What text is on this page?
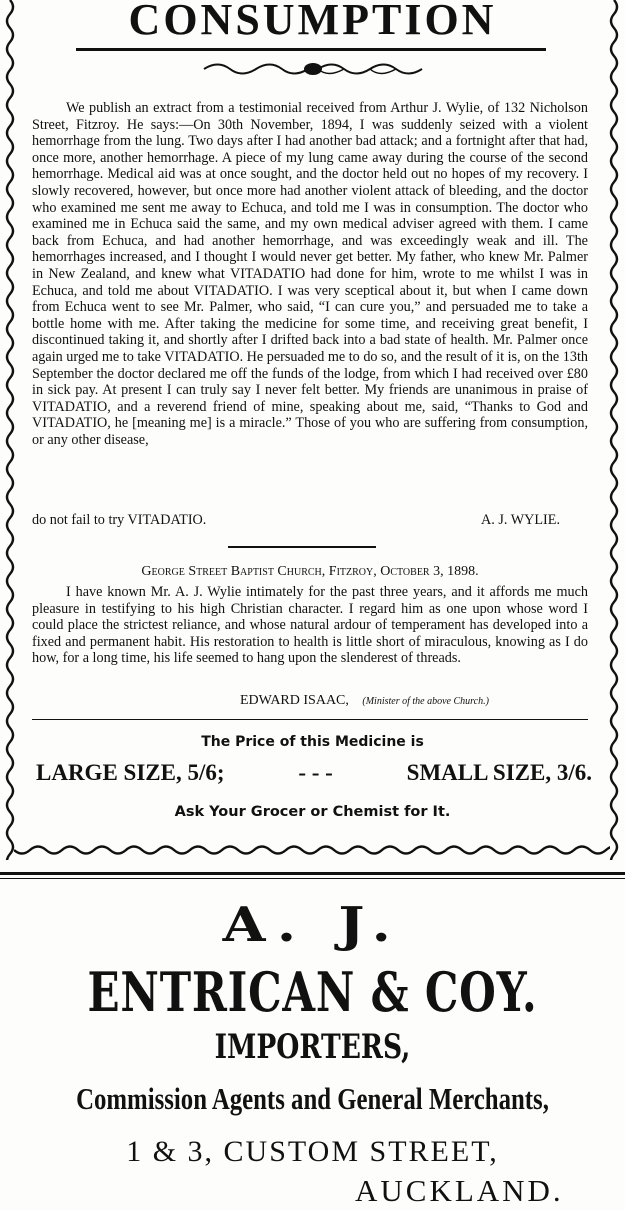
CONSUMPTION

We publish an extract from a testimonial received from Arthur J. Wylie, of 132 Nicholson Street, Fitzroy. He says:—On 30th November, 1894, I was suddenly seized with a violent hemorrhage from the lung. Two days after I had another bad attack; and a fortnight after that had, once more, another hemorrhage. A piece of my lung came away during the course of the second hemorrhage. Medical aid was at once sought, and the doctor held out no hopes of my recovery. I slowly recovered, however, but once more had another violent attack of bleeding, and the doctor who examined me sent me away to Echuca, and told me I was in consumption. The doctor who examined me in Echuca said the same, and my own medical adviser agreed with them. I came back from Echuca, and had another hemorrhage, and was exceedingly weak and ill. The hemorrhages increased, and I thought I would never get better. My father, who knew Mr. Palmer in New Zealand, and knew what VITADATIO had done for him, wrote to me whilst I was in Echuca, and told me about VITADATIO. I was very sceptical about it, but when I came down from Echuca went to see Mr. Palmer, who said, “I can cure you,” and persuaded me to take a bottle home with me. After taking the medicine for some time, and receiving great benefit, I discontinued taking it, and shortly after I drifted back into a bad state of health. Mr. Palmer once again urged me to take VITADATIO. He persuaded me to do so, and the result of it is, on the 13th September the doctor declared me off the funds of the lodge, from which I had received over £80 in sick pay. At present I can truly say I never felt better. My friends are unanimous in praise of VITADATIO, and a reverend friend of mine, speaking about me, said, “Thanks to God and VITADATIO, he [meaning me] is a miracle.” Those of you who are suffering from consumption, or any other disease,

do not fail to try VITADATIO.	A. J. WYLIE.
George Street Baptist Church, Fitzroy, October 3, 1898.

I have known Mr. A. J. Wylie intimately for the past three years, and it affords me much pleasure in testifying to his high Christian character. I regard him as one upon whose word I could place the strictest reliance, and whose natural ardour of temperament has developed into a fixed and permanent habit. His restoration to health is little short of miraculous, knowing as I do how, for a long time, his life seemed to hang upon the slenderest of threads.

EDWARD ISAAC, (Minister of the above Church.)
The Price of this Medicine is
LARGE SIZE, 5/6;	- - -	SMALL SIZE, 3/6.
Ask Your Grocer or Chemist for It.
A. J.
ENTRICAN & COY.
IMPORTERS,
Commission Agents and General Merchants,
1 & 3, CUSTOM STREET,
AUCKLAND.
